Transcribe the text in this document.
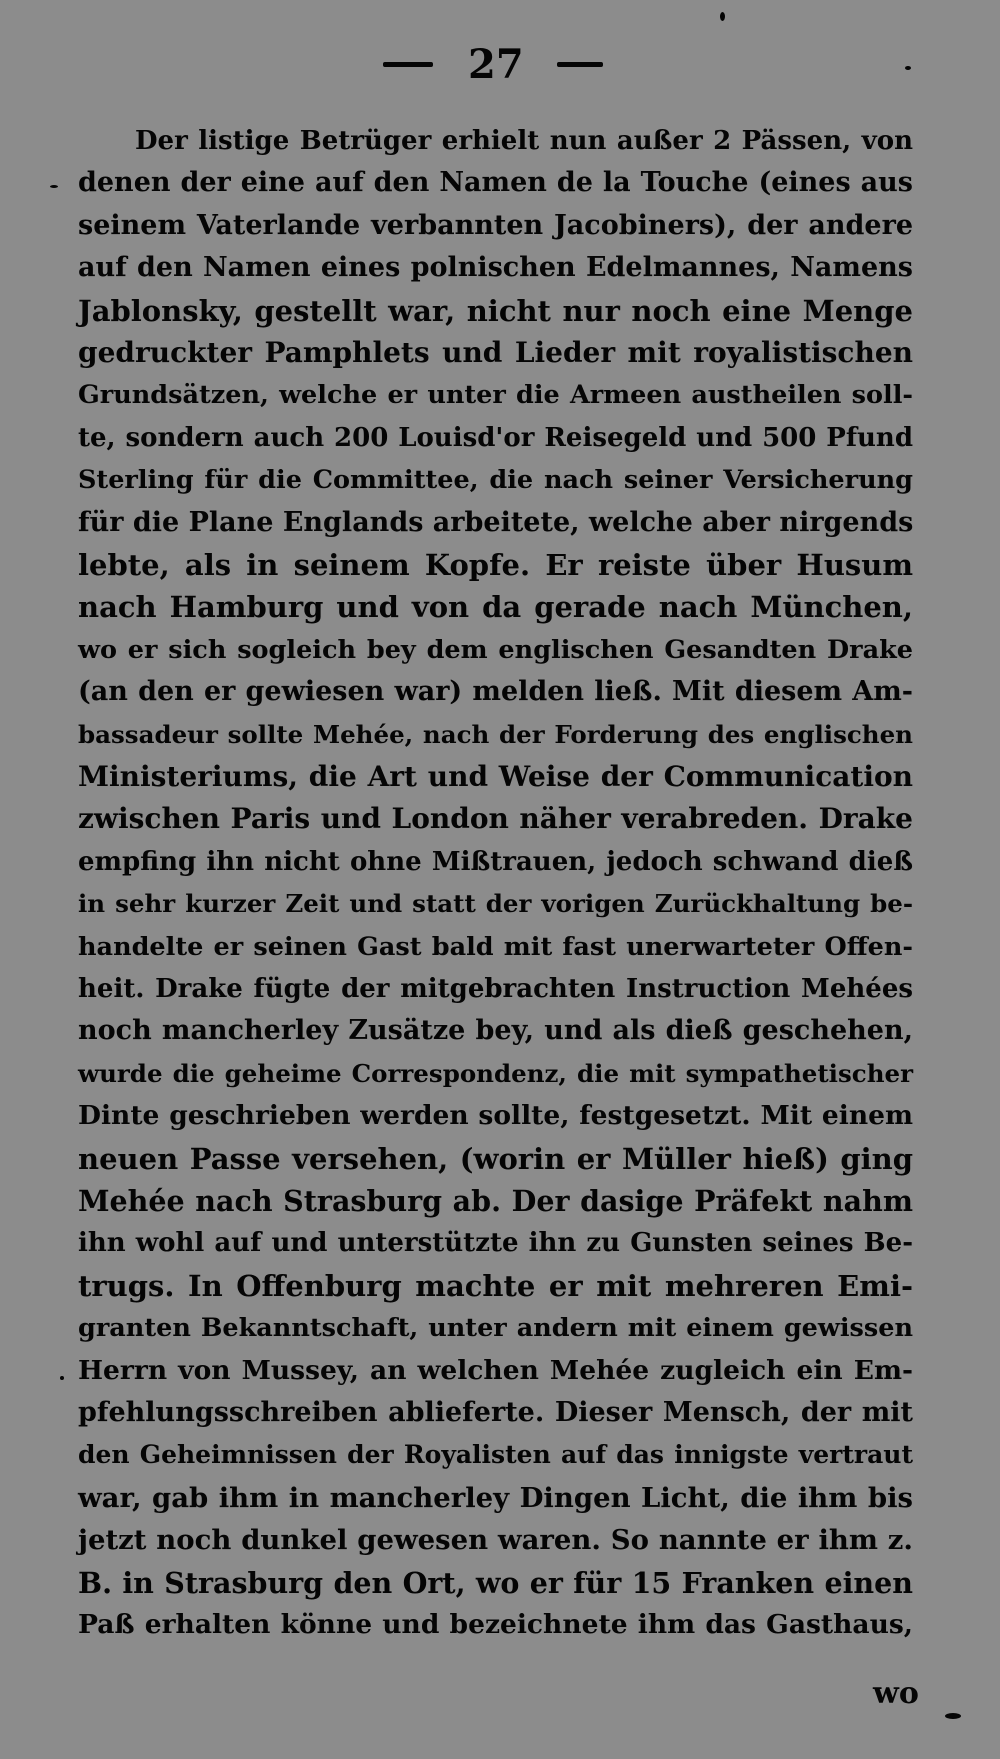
27
Der listige Betrüger erhielt nun außer 2 Pässen, von
denen der eine auf den Namen de la Touche (eines aus
seinem Vaterlande verbannten Jacobiners), der andere
auf den Namen eines polnischen Edelmannes, Namens
Jablonsky, gestellt war, nicht nur noch eine Menge
gedruckter Pamphlets und Lieder mit royalistischen
Grundsätzen, welche er unter die Armeen austheilen soll-
te, sondern auch 200 Louisd'or Reisegeld und 500 Pfund
Sterling für die Committee, die nach seiner Versicherung
für die Plane Englands arbeitete, welche aber nirgends
lebte, als in seinem Kopfe. Er reiste über Husum
nach Hamburg und von da gerade nach München,
wo er sich sogleich bey dem englischen Gesandten Drake
(an den er gewiesen war) melden ließ. Mit diesem Am-
bassadeur sollte Mehée, nach der Forderung des englischen
Ministeriums, die Art und Weise der Communication
zwischen Paris und London näher verabreden. Drake
empfing ihn nicht ohne Mißtrauen, jedoch schwand dieß
in sehr kurzer Zeit und statt der vorigen Zurückhaltung be-
handelte er seinen Gast bald mit fast unerwarteter Offen-
heit. Drake fügte der mitgebrachten Instruction Mehées
noch mancherley Zusätze bey, und als dieß geschehen,
wurde die geheime Correspondenz, die mit sympathetischer
Dinte geschrieben werden sollte, festgesetzt. Mit einem
neuen Passe versehen, (worin er Müller hieß) ging
Mehée nach Strasburg ab. Der dasige Präfekt nahm
ihn wohl auf und unterstützte ihn zu Gunsten seines Be-
trugs. In Offenburg machte er mit mehreren Emi-
granten Bekanntschaft, unter andern mit einem gewissen
Herrn von Mussey, an welchen Mehée zugleich ein Em-
pfehlungsschreiben ablieferte. Dieser Mensch, der mit
den Geheimnissen der Royalisten auf das innigste vertraut
war, gab ihm in mancherley Dingen Licht, die ihm bis
jetzt noch dunkel gewesen waren. So nannte er ihm z.
B. in Strasburg den Ort, wo er für 15 Franken einen
Paß erhalten könne und bezeichnete ihm das Gasthaus,
wo
